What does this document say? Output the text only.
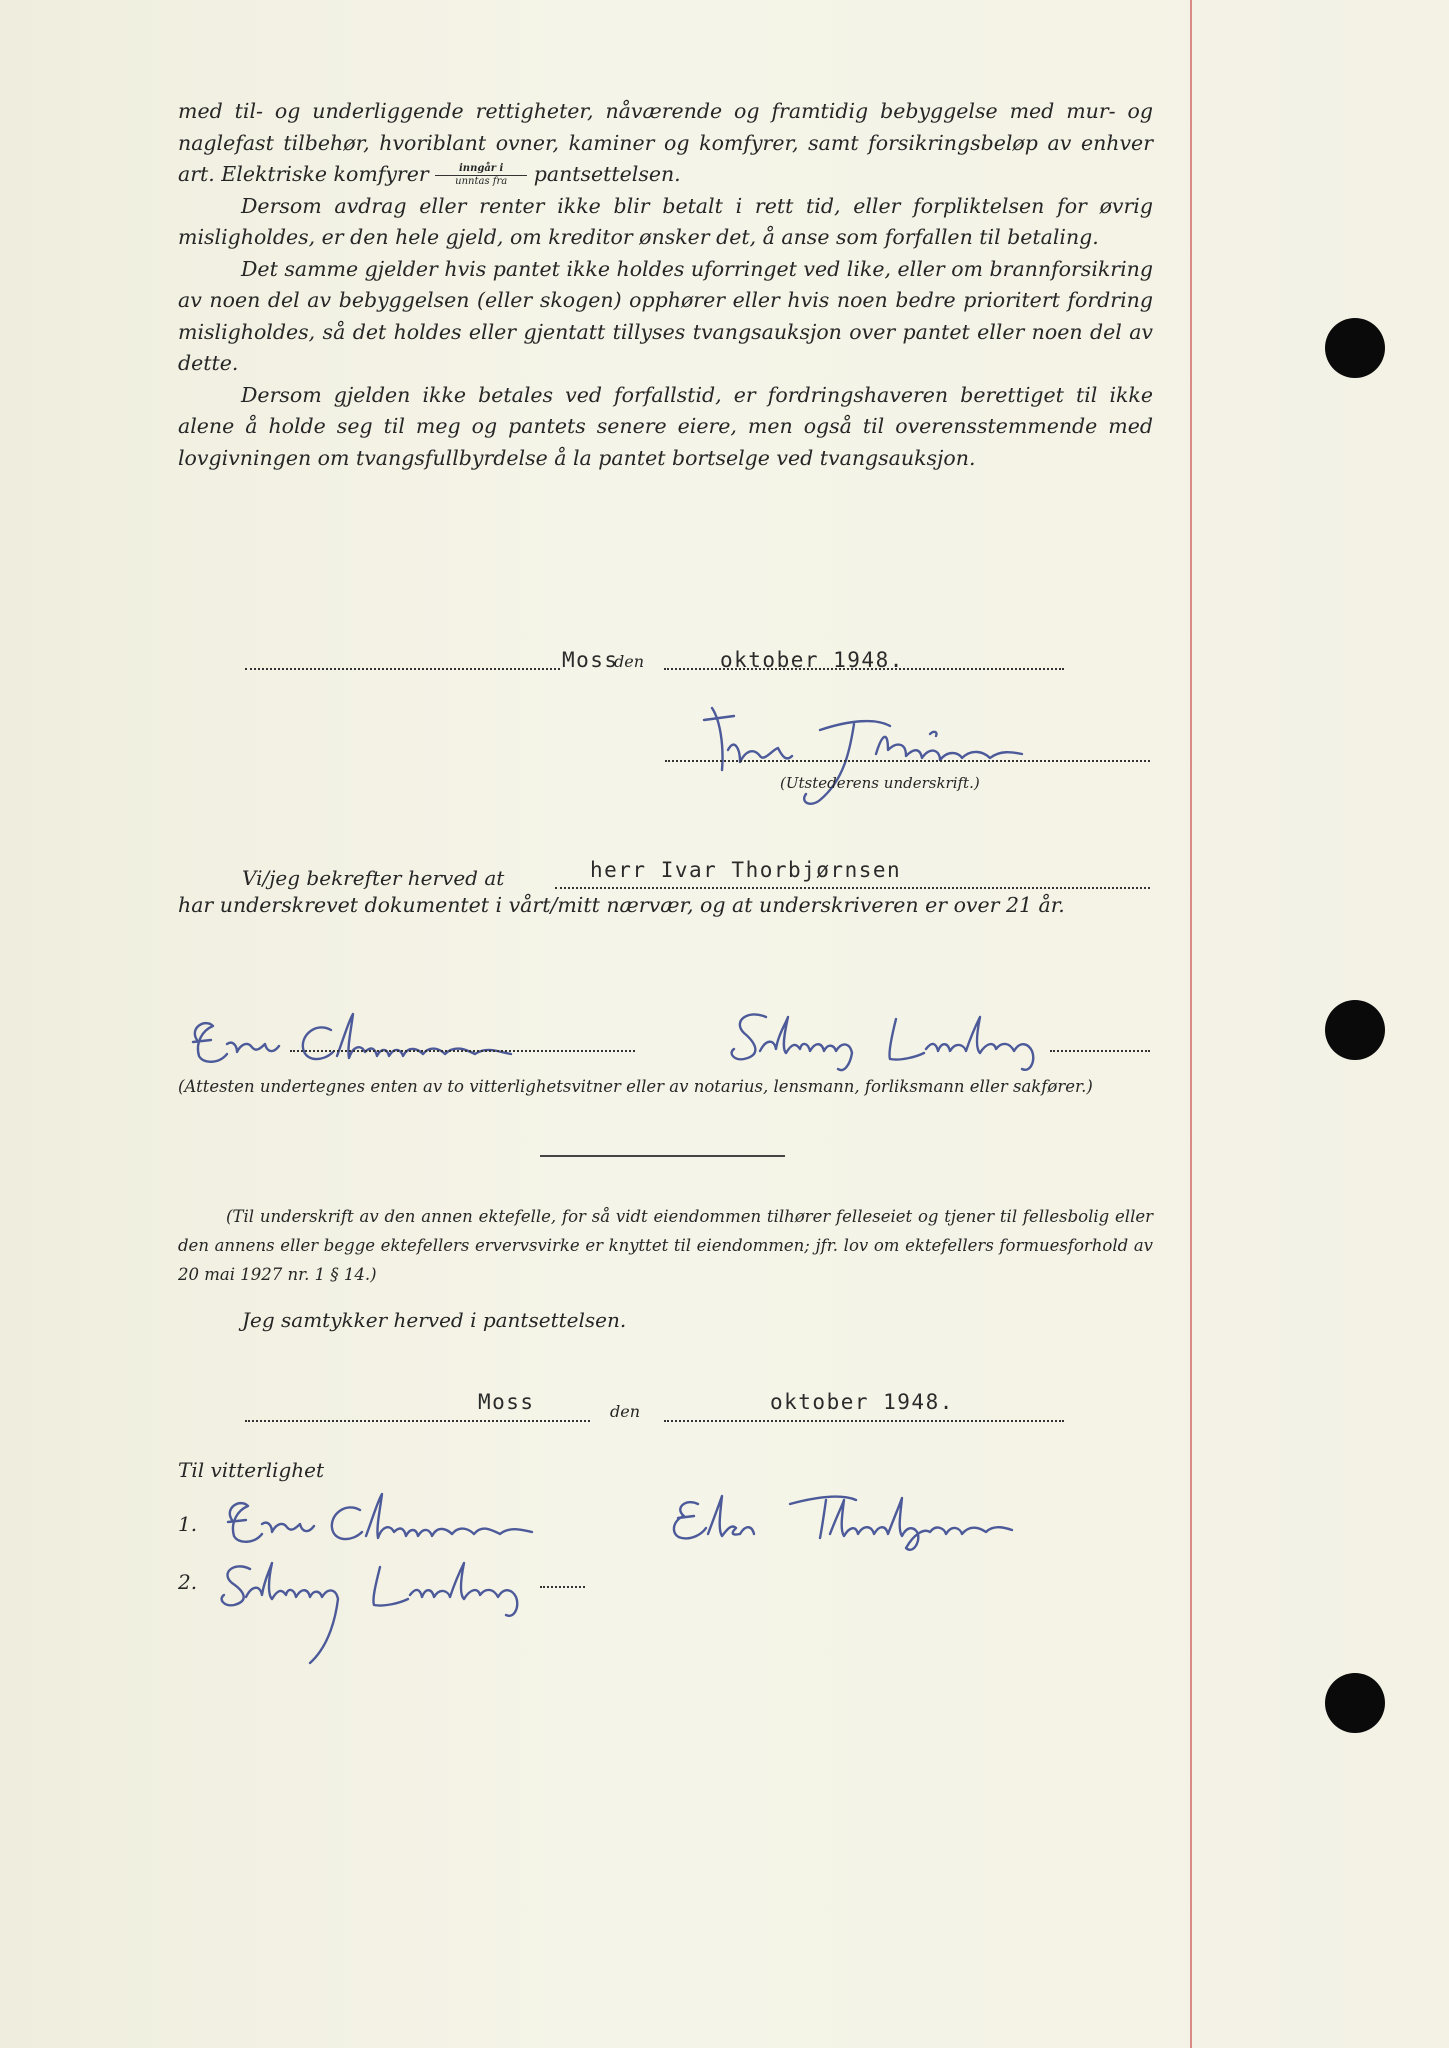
med til- og underliggende rettigheter, nåværende og framtidig bebyggelse med mur- og naglefast tilbehør, hvoriblant ovner, kaminer og komfyrer, samt forsikringsbeløp av enhver art. Elektriske komfyrer	inngår i
unntas fra	pantsettelsen.

Dersom avdrag eller renter ikke blir betalt i rett tid, eller forpliktelsen for øvrig misligholdes, er den hele gjeld, om kreditor ønsker det, å anse som forfallen til betaling.

Det samme gjelder hvis pantet ikke holdes uforringet ved like, eller om brannforsikring av noen del av bebyggelsen (eller skogen) opphører eller hvis noen bedre prioritert fordring misligholdes, så det holdes eller gjentatt tillyses tvangsauksjon over pantet eller noen del av dette.

Dersom gjelden ikke betales ved forfallstid, er fordringshaveren berettiget til ikke alene å holde seg til meg og pantets senere eiere, men også til overensstemmende med lovgivningen om tvangsfullbyrdelse å la pantet bortselge ved tvangsauksjon.

Moss
den	oktober 1948.
(Utstederens underskrift.)
Vi/jeg bekrefter herved at	herr Ivar Thorbjørnsen

har underskrevet dokumentet i vårt/mitt nærvær, og at underskriveren er over 21 år.

(Attesten undertegnes enten av to vitterlighetsvitner eller av notarius, lensmann, forliksmann eller sakfører.)

(Til underskrift av den annen ektefelle, for så vidt eiendommen tilhører felleseiet og tjener til fellesbolig eller den annens eller begge ektefellers ervervsvirke er knyttet til eiendommen; jfr. lov om ektefellers formuesforhold av 20 mai 1927 nr. 1 § 14.)

Jeg samtykker herved i pantsettelsen.
Moss	den	oktober 1948.
Til vitterlighet
1.
2.
